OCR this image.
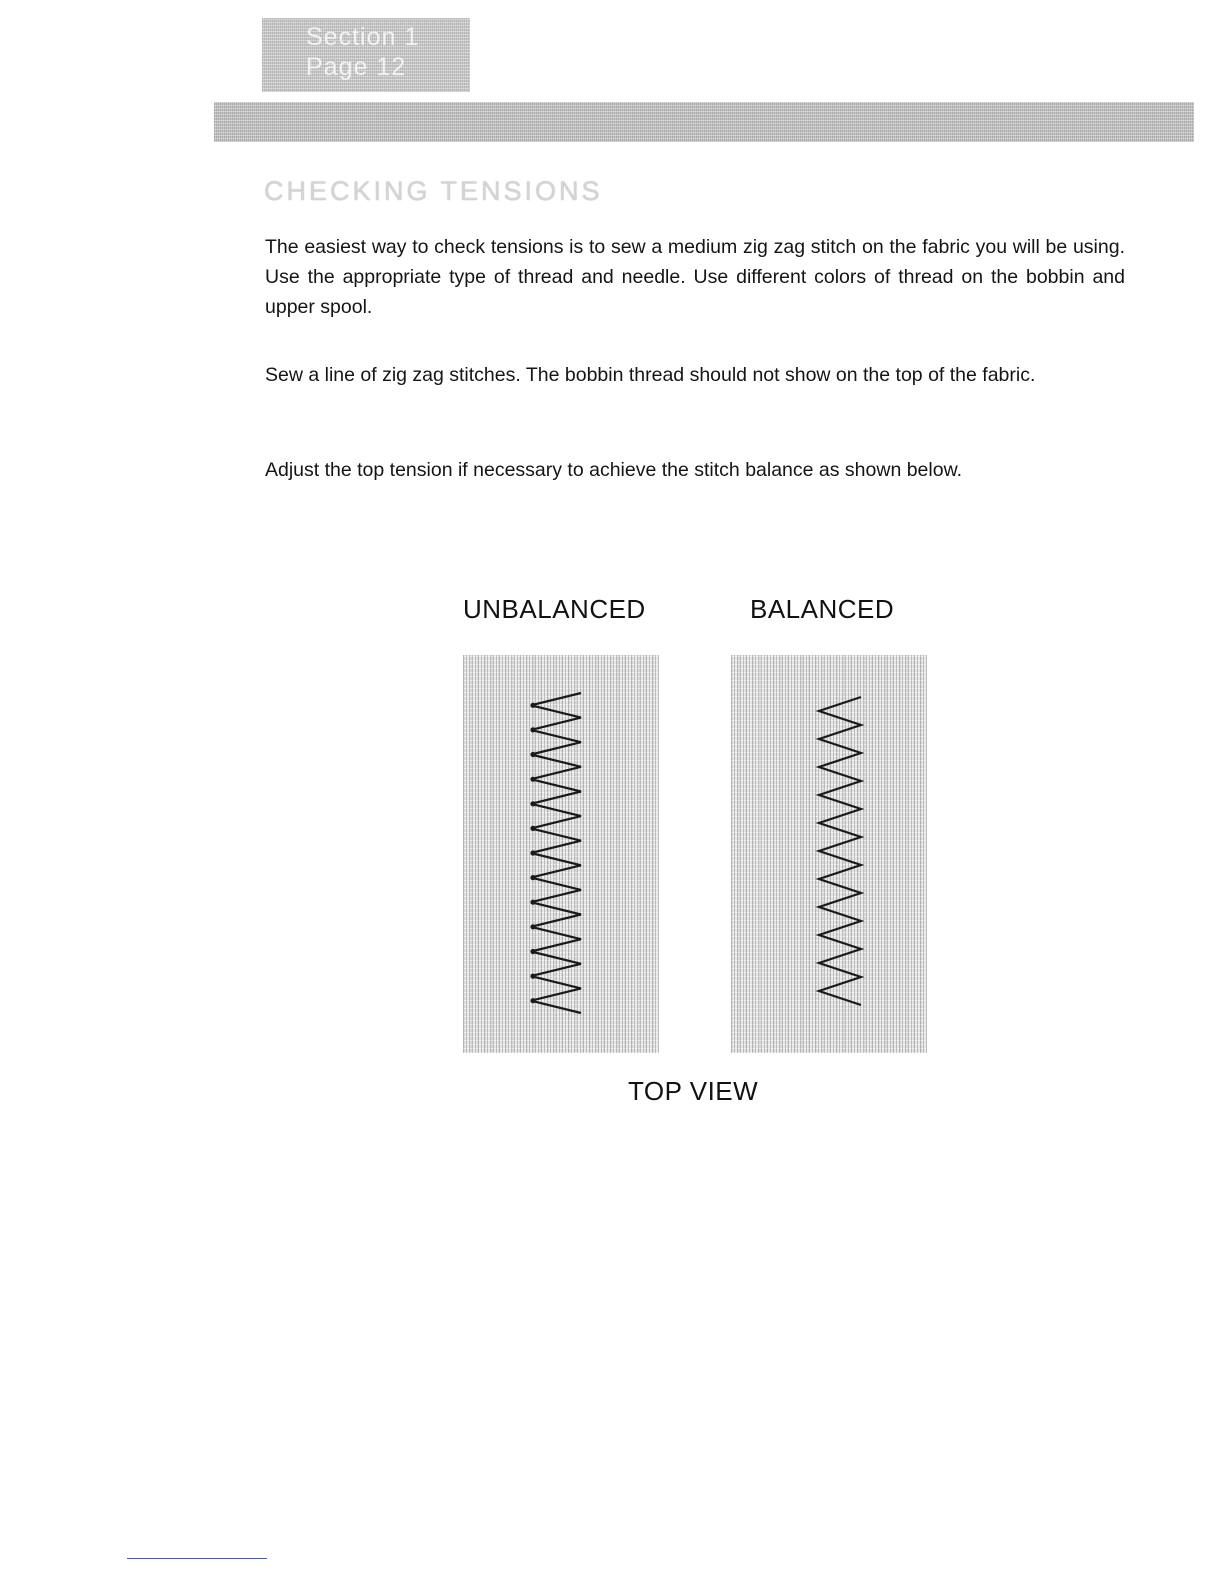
Section 1
Page 12
CHECKING TENSIONS

The easiest way to check tensions is to sew a medium zig zag stitch on the fabric you will be using. Use the appropriate type of thread and needle. Use different colors of thread on the bobbin and upper spool.

Sew a line of zig zag stitches. The bobbin thread should not show on the top of the fabric.

Adjust the top tension if necessary to achieve the stitch balance as shown below.

UNBALANCED	BALANCED
TOP VIEW
